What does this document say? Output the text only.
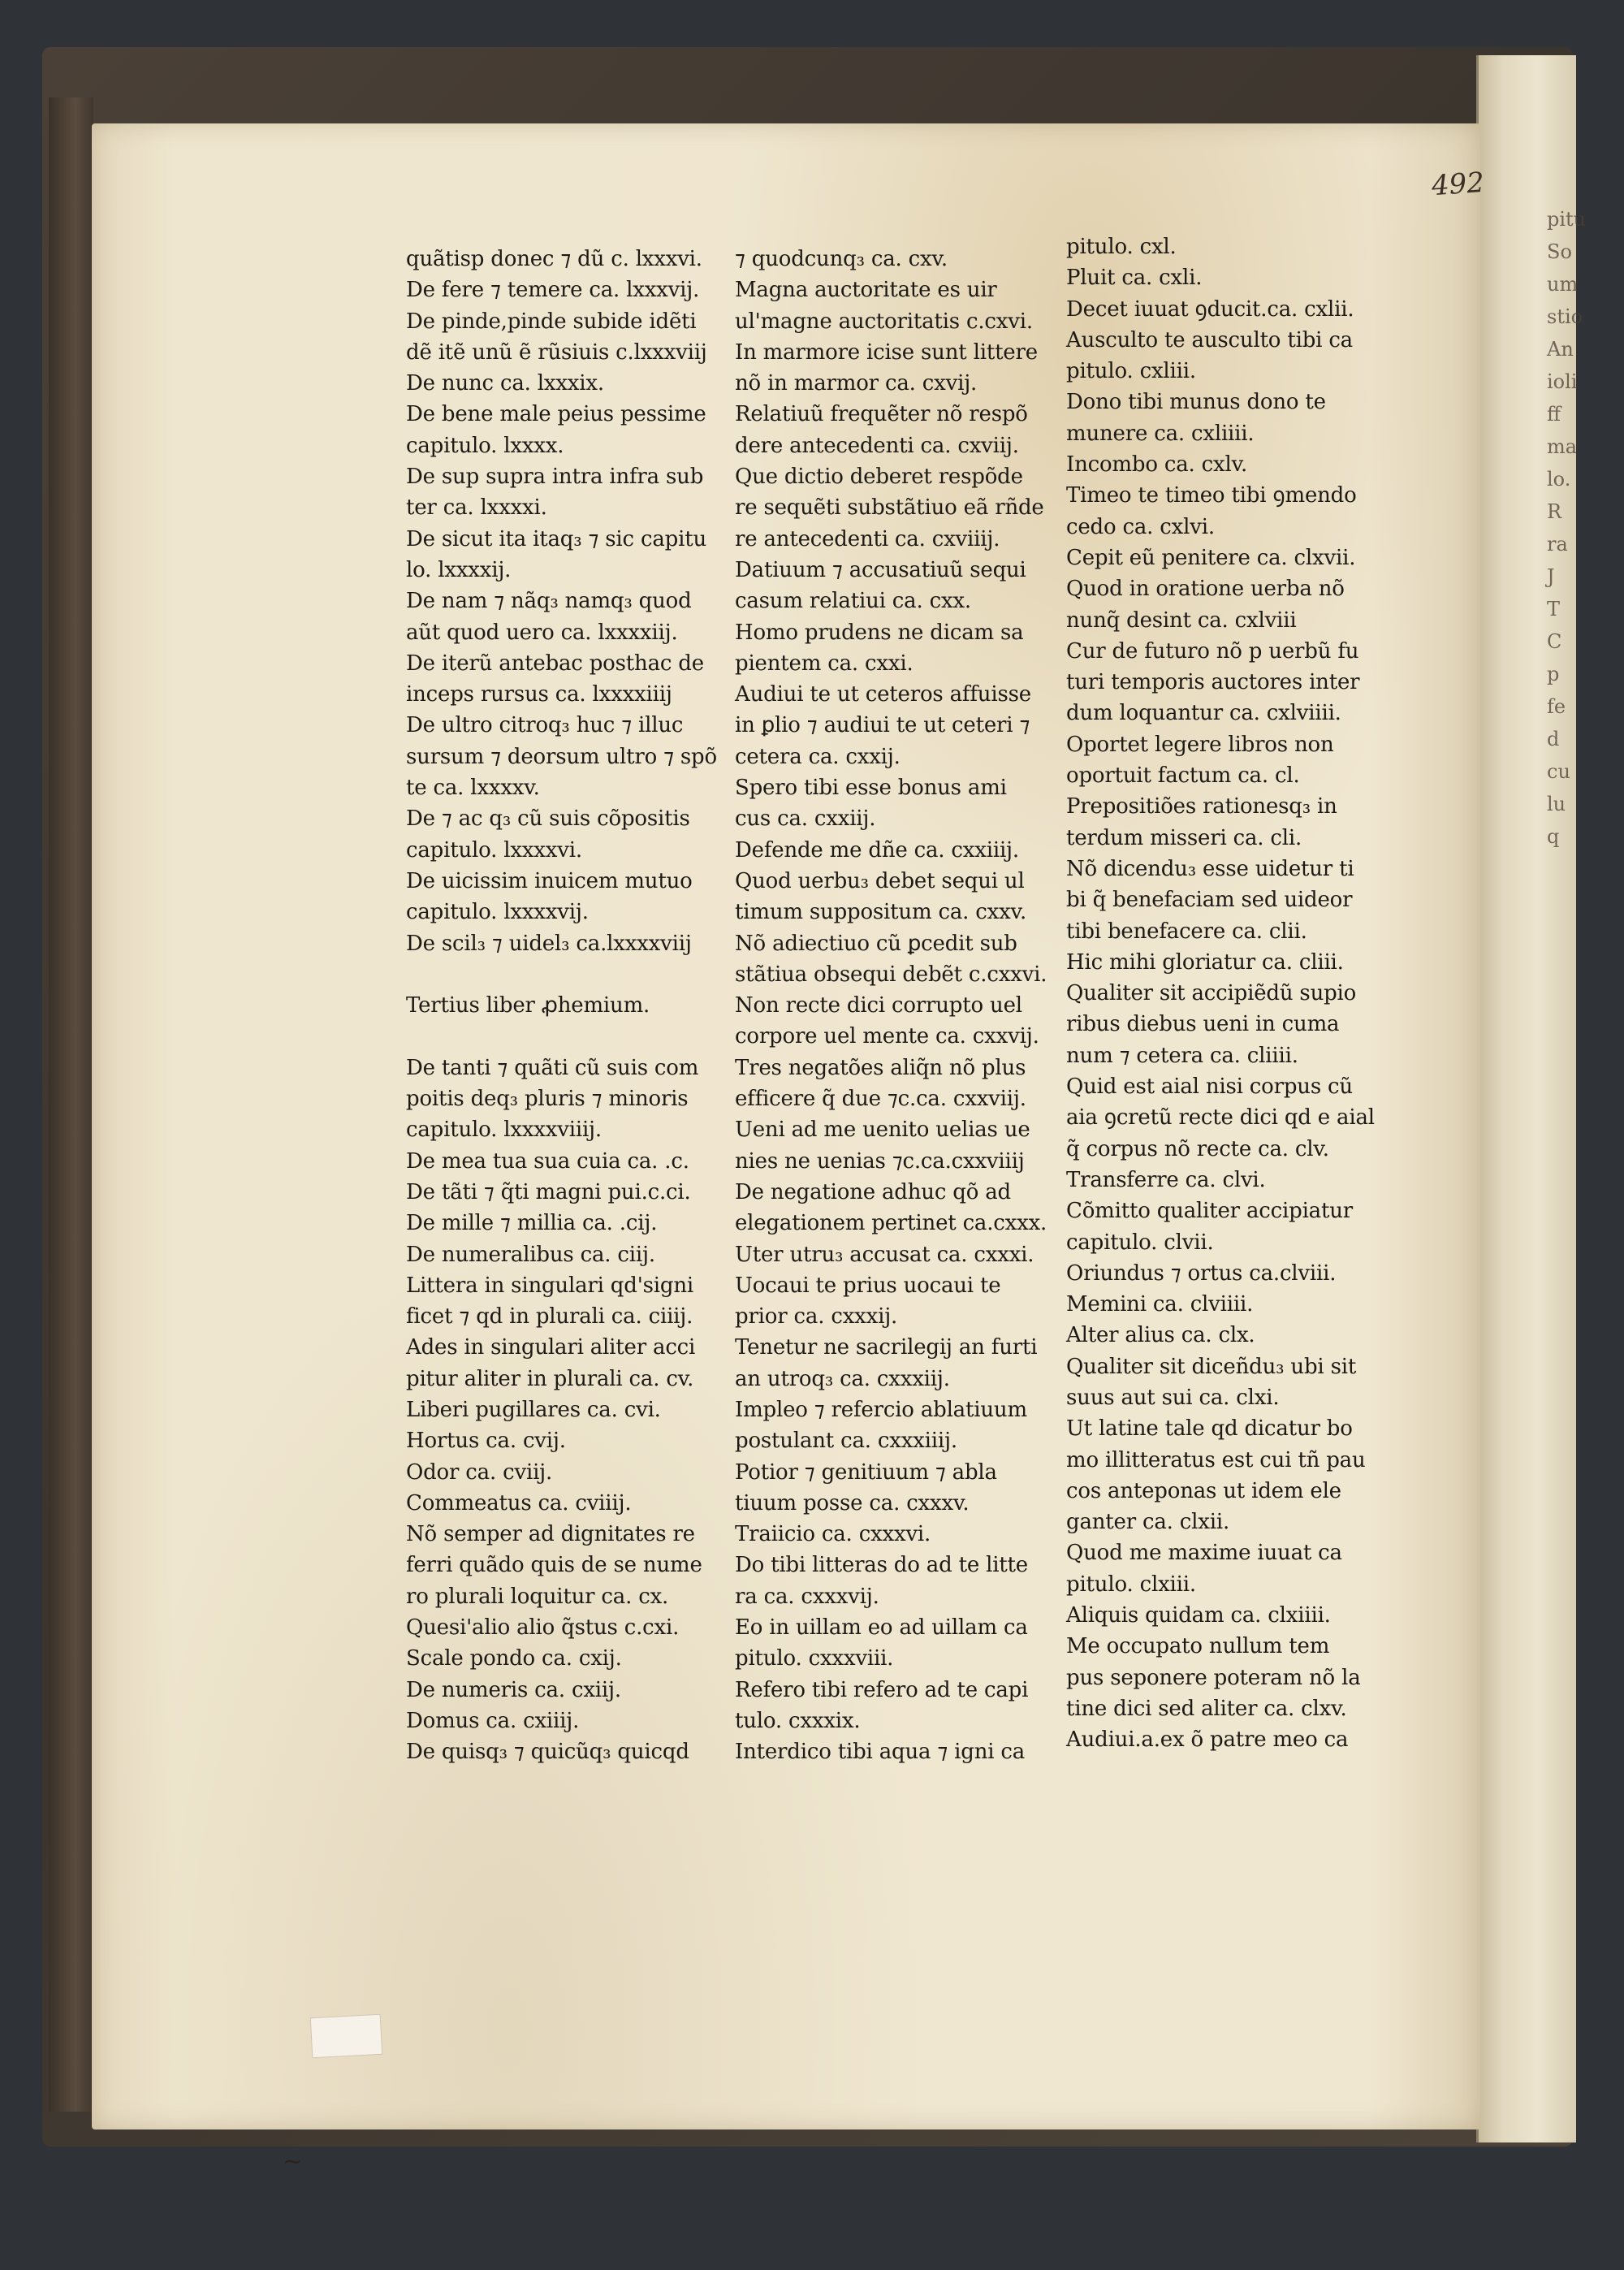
pitu
So
um
stio
An
ioli
ff
ma
lo.
R
ra
J
T
C
p
fe
d
cu
lu
q
492
~
quãtisp donec ⁊ dũ c. lxxxvi.
De fere ⁊ temere ca. lxxxvij.
De pinde,pinde subide idẽti
dẽ itẽ unũ ẽ rũsiuis c.lxxxviij
De nunc ca. lxxxix.
De bene male peius pessime
capitulo. lxxxx.
De sup supra intra infra sub
ter ca. lxxxxi.
De sicut ita itaq₃ ⁊ sic capitu
lo. lxxxxij.
De nam ⁊ nãq₃ namq₃ quod
aũt quod uero ca. lxxxxiij.
De iterũ antebac posthac de
inceps rursus ca. lxxxxiiij
De ultro citroq₃ huc ⁊ illuc
sursum ⁊ deorsum ultro ⁊ spõ
te ca. lxxxxv.
De ⁊ ac q₃ cũ suis cõpositis
capitulo. lxxxxvi.
De uicissim inuicem mutuo
capitulo. lxxxxvij.
De scil₃ ⁊ uidel₃ ca.lxxxxviij
Tertius liber ꝓhemium.
De tanti ⁊ quãti cũ suis com
poitis deq₃ pluris ⁊ minoris
capitulo. lxxxxviiij.
De mea tua sua cuia ca. .c.
De tãti ⁊ q̃ti magni pui.c.ci.
De mille ⁊ millia ca. .cij.
De numeralibus ca. ciij.
Littera in singulari qd'signi
ficet ⁊ qd in plurali ca. ciiij.
Ades in singulari aliter acci
pitur aliter in plurali ca. cv.
Liberi pugillares ca. cvi.
Hortus ca. cvij.
Odor ca. cviij.
Commeatus ca. cviiij.
Nõ semper ad dignitates re
ferri quãdo quis de se nume
ro plurali loquitur ca. cx.
Quesi'alio alio q̃stus c.cxi.
Scale pondo ca. cxij.
De numeris ca. cxiij.
Domus ca. cxiiij.
De quisq₃ ⁊ quicũq₃ quicqd
⁊ quodcunq₃ ca. cxv.
Magna auctoritate es uir
ul'magne auctoritatis c.cxvi.
In marmore icise sunt littere
nõ in marmor ca. cxvij.
Relatiuũ frequẽter nõ respõ
dere antecedenti ca. cxviij.
Que dictio deberet respõde
re sequẽti substãtiuo eã rñde
re antecedenti ca. cxviiij.
Datiuum ⁊ accusatiuũ sequi
casum relatiui ca. cxx.
Homo prudens ne dicam sa
pientem ca. cxxi.
Audiui te ut ceteros affuisse
in ꝑlio ⁊ audiui te ut ceteri ⁊
cetera ca. cxxij.
Spero tibi esse bonus ami
cus ca. cxxiij.
Defende me dñe ca. cxxiiij.
Quod uerbu₃ debet sequi ul
timum suppositum ca. cxxv.
Nõ adiectiuo cũ ꝑcedit sub
stãtiua obsequi debẽt c.cxxvi.
Non recte dici corrupto uel
corpore uel mente ca. cxxvij.
Tres negatões aliq̃n nõ plus
efficere q̃ due ⁊c.ca. cxxviij.
Ueni ad me uenito uelias ue
nies ne uenias ⁊c.ca.cxxviiij
De negatione adhuc qõ ad
elegationem pertinet ca.cxxx.
Uter utru₃ accusat ca. cxxxi.
Uocaui te prius uocaui te
prior ca. cxxxij.
Tenetur ne sacrilegij an furti
an utroq₃ ca. cxxxiij.
Impleo ⁊ refercio ablatiuum
postulant ca. cxxxiiij.
Potior ⁊ genitiuum ⁊ abla
tiuum posse ca. cxxxv.
Traiicio ca. cxxxvi.
Do tibi litteras do ad te litte
ra ca. cxxxvij.
Eo in uillam eo ad uillam ca
pitulo. cxxxviii.
Refero tibi refero ad te capi
tulo. cxxxix.
Interdico tibi aqua ⁊ igni ca
pitulo. cxl.
Pluit ca. cxli.
Decet iuuat ꝯducit.ca. cxlii.
Ausculto te ausculto tibi ca
pitulo. cxliii.
Dono tibi munus dono te
munere ca. cxliiii.
Incombo ca. cxlv.
Timeo te timeo tibi ꝯmendo
cedo ca. cxlvi.
Cepit eũ penitere ca. clxvii.
Quod in oratione uerba nõ
nunq̃ desint ca. cxlviii
Cur de futuro nõ p uerbũ fu
turi temporis auctores inter
dum loquantur ca. cxlviiii.
Oportet legere libros non
oportuit factum ca. cl.
Prepositiões rationesq₃ in
terdum misseri ca. cli.
Nõ dicendu₃ esse uidetur ti
bi q̃ benefaciam sed uideor
tibi benefacere ca. clii.
Hic mihi gloriatur ca. cliii.
Qualiter sit accipiẽdũ supio
ribus diebus ueni in cuma
num ⁊ cetera ca. cliiii.
Quid est aial nisi corpus cũ
aia ꝯcretũ recte dici qd e aial
q̃ corpus nõ recte ca. clv.
Transferre ca. clvi.
Cõmitto qualiter accipiatur
capitulo. clvii.
Oriundus ⁊ ortus ca.clviii.
Memini ca. clviiii.
Alter alius ca. clx.
Qualiter sit diceñdu₃ ubi sit
suus aut sui ca. clxi.
Ut latine tale qd dicatur bo
mo illitteratus est cui tñ pau
cos anteponas ut idem ele
ganter ca. clxii.
Quod me maxime iuuat ca
pitulo. clxiii.
Aliquis quidam ca. clxiiii.
Me occupato nullum tem
pus seponere poteram nõ la
tine dici sed aliter ca. clxv.
Audiui.a.ex õ patre meo ca
